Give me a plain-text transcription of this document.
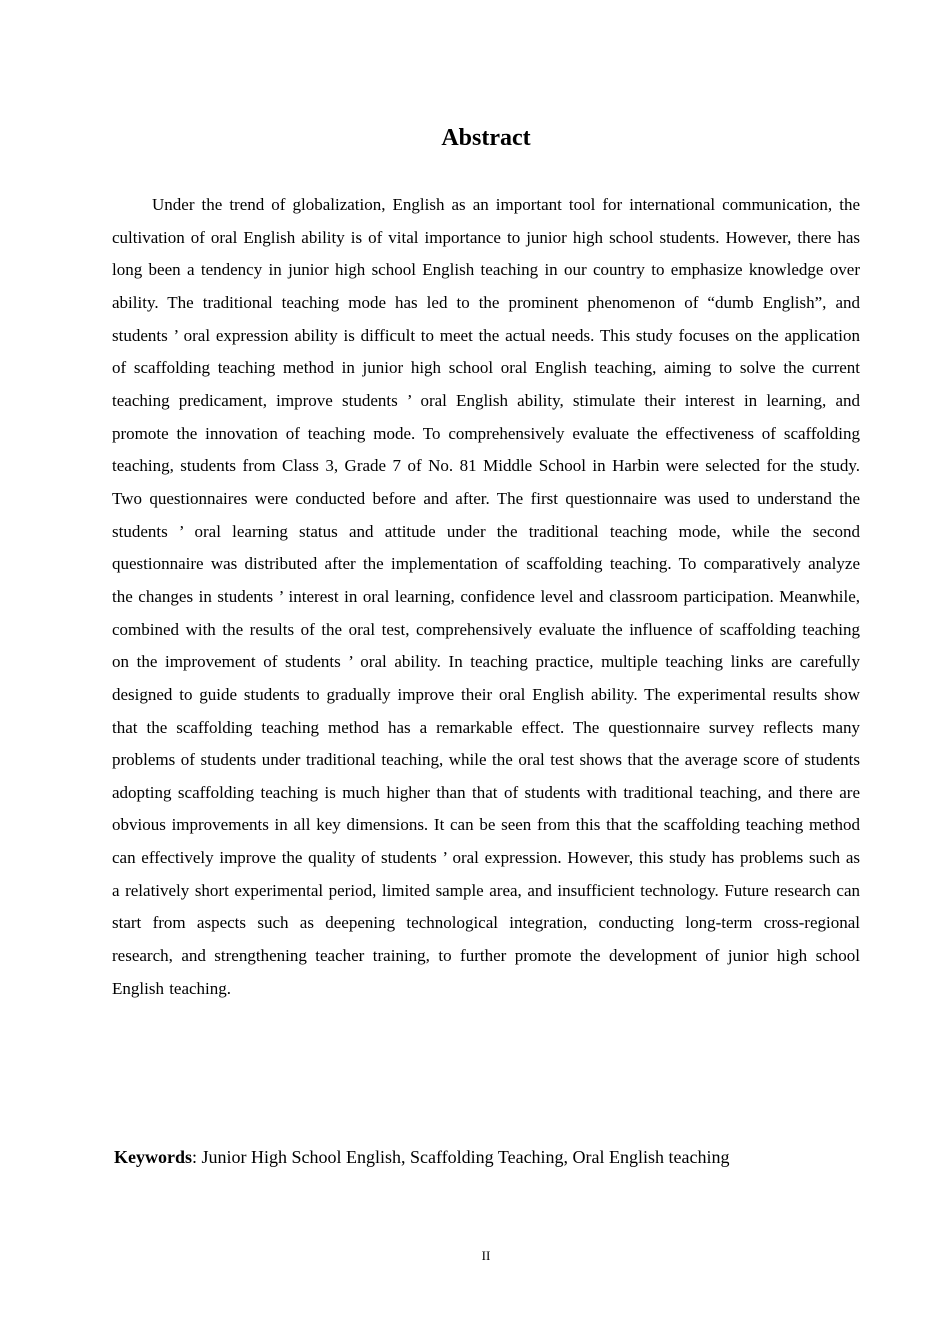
Abstract

Under the trend of globalization, English as an important tool for international communication, the cultivation of oral English ability is of vital importance to junior high school students. However, there has long been a tendency in junior high school English teaching in our country to emphasize knowledge over ability. The traditional teaching mode has led to the prominent phenomenon of “dumb English”, and students ’ oral expression ability is difficult to meet the actual needs. This study focuses on the application of scaffolding teaching method in junior high school oral English teaching, aiming to solve the current teaching predicament, improve students ’ oral English ability, stimulate their interest in learning, and promote the innovation of teaching mode. To comprehensively evaluate the effectiveness of scaffolding teaching, students from Class 3, Grade 7 of No. 81 Middle School in Harbin were selected for the study. Two questionnaires were conducted before and after. The first questionnaire was used to understand the students ’ oral learning status and attitude under the traditional teaching mode, while the second questionnaire was distributed after the implementation of scaffolding teaching. To comparatively analyze the changes in students ’ interest in oral learning, confidence level and classroom participation. Meanwhile, combined with the results of the oral test, comprehensively evaluate the influence of scaffolding teaching on the improvement of students ’ oral ability. In teaching practice, multiple teaching links are carefully designed to guide students to gradually improve their oral English ability. The experimental results show that the scaffolding teaching method has a remarkable effect. The questionnaire survey reflects many problems of students under traditional teaching, while the oral test shows that the average score of students adopting scaffolding teaching is much higher than that of students with traditional teaching, and there are obvious improvements in all key dimensions. It can be seen from this that the scaffolding teaching method can effectively improve the quality of students ’ oral expression. However, this study has problems such as a relatively short experimental period, limited sample area, and insufficient technology. Future research can start from aspects such as deepening technological integration, conducting long-term cross-regional research, and strengthening teacher training, to further promote the development of junior high school English teaching.

Keywords: Junior High School English, Scaffolding Teaching, Oral English teaching

II
